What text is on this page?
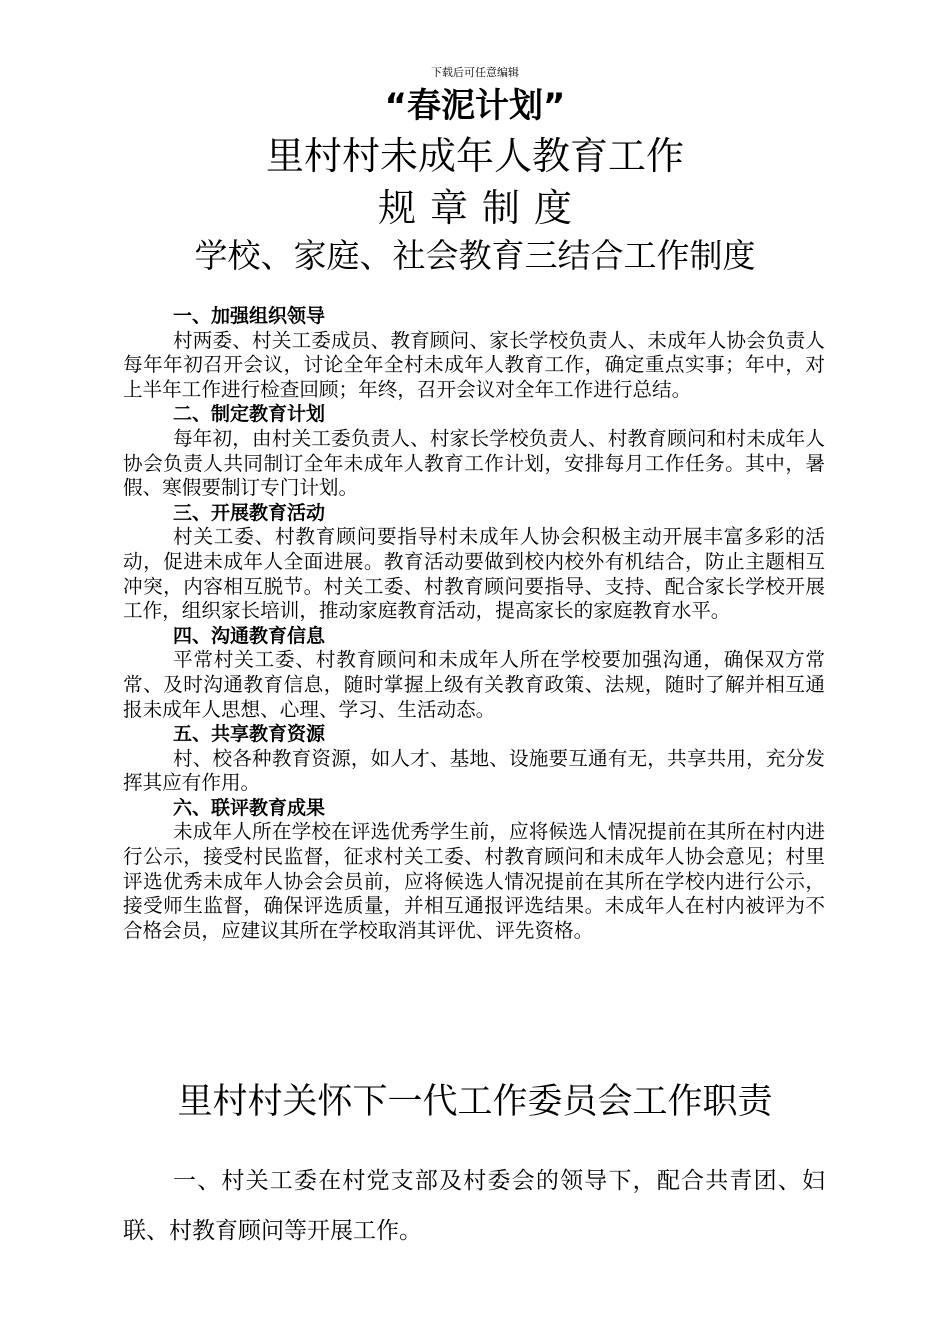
下载后可任意编辑
“春泥计划”
里村村未成年人教育工作
规章制度
学校、家庭、社会教育三结合工作制度
一、加强组织领导

村两委、村关工委成员、教育顾问、家长学校负责人、未成年人协会负责人每年年初召开会议，讨论全年全村未成年人教育工作，确定重点实事；年中，对上半年工作进行检查回顾；年终，召开会议对全年工作进行总结。

二、制定教育计划

每年初，由村关工委负责人、村家长学校负责人、村教育顾问和村未成年人协会负责人共同制订全年未成年人教育工作计划，安排每月工作任务。其中，暑假、寒假要制订专门计划。

三、开展教育活动

村关工委、村教育顾问要指导村未成年人协会积极主动开展丰富多彩的活动，促进未成年人全面进展。教育活动要做到校内校外有机结合，防止主题相互冲突，内容相互脱节。村关工委、村教育顾问要指导、支持、配合家长学校开展工作，组织家长培训，推动家庭教育活动，提高家长的家庭教育水平。

四、沟通教育信息

平常村关工委、村教育顾问和未成年人所在学校要加强沟通，确保双方常常、及时沟通教育信息，随时掌握上级有关教育政策、法规，随时了解并相互通报未成年人思想、心理、学习、生活动态。

五、共享教育资源

村、校各种教育资源，如人才、基地、设施要互通有无，共享共用，充分发挥其应有作用。

六、联评教育成果

未成年人所在学校在评选优秀学生前，应将候选人情况提前在其所在村内进行公示，接受村民监督，征求村关工委、村教育顾问和未成年人协会意见；村里评选优秀未成年人协会会员前，应将候选人情况提前在其所在学校内进行公示，接受师生监督，确保评选质量，并相互通报评选结果。未成年人在村内被评为不合格会员，应建议其所在学校取消其评优、评先资格。

里村村关怀下一代工作委员会工作职责
一、村关工委在村党支部及村委会的领导下，配合共青团、妇联、村教育顾问等开展工作。
